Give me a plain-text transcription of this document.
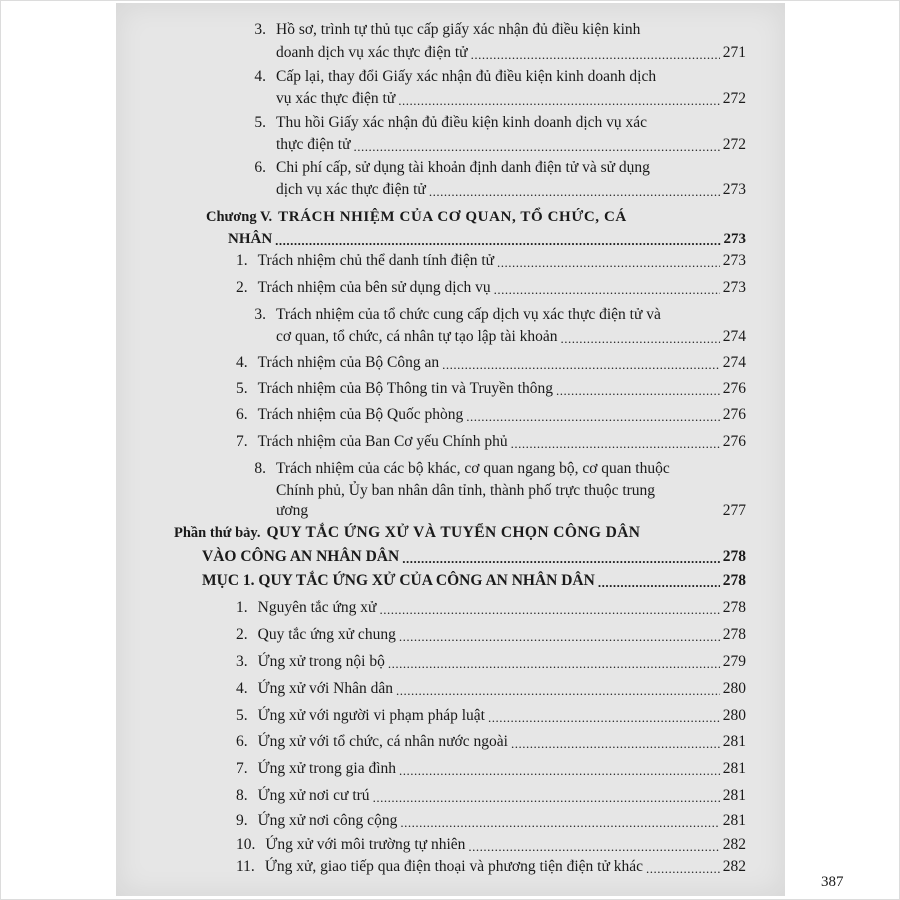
3. Hồ sơ, trình tự thủ tục cấp giấy xác nhận đủ điều kiện kinh
doanh dịch vụ xác thực điện tử .....	271
4. Cấp lại, thay đổi Giấy xác nhận đủ điều kiện kinh doanh dịch
vụ xác thực điện tử .....	272
5. Thu hồi Giấy xác nhận đủ điều kiện kinh doanh dịch vụ xác
thực điện tử .....	272
6. Chi phí cấp, sử dụng tài khoản định danh điện tử và sử dụng
dịch vụ xác thực điện tử .....	273
Chương V. TRÁCH NHIỆM CỦA CƠ QUAN, TỔ CHỨC, CÁ
NHÂN .....	273
1. Trách nhiệm chủ thể danh tính điện tử .....	273
2. Trách nhiệm của bên sử dụng dịch vụ .....	273
3. Trách nhiệm của tổ chức cung cấp dịch vụ xác thực điện tử và
cơ quan, tổ chức, cá nhân tự tạo lập tài khoản .....	274
4. Trách nhiệm của Bộ Công an .....	274
5. Trách nhiệm của Bộ Thông tin và Truyền thông .....	276
6. Trách nhiệm của Bộ Quốc phòng .....	276
7. Trách nhiệm của Ban Cơ yếu Chính phủ .....	276
8. Trách nhiệm của các bộ khác, cơ quan ngang bộ, cơ quan thuộc
Chính phủ, Ủy ban nhân dân tỉnh, thành phố trực thuộc trung
ương	277
Phần thứ bảy. QUY TẮC ỨNG XỬ VÀ TUYỂN CHỌN CÔNG DÂN
VÀO CÔNG AN NHÂN DÂN .....	278
MỤC 1. QUY TẮC ỨNG XỬ CỦA CÔNG AN NHÂN DÂN .....	278
1. Nguyên tắc ứng xử .....	278
2. Quy tắc ứng xử chung .....	278
3. Ứng xử trong nội bộ .....	279
4. Ứng xử với Nhân dân .....	280
5. Ứng xử với người vi phạm pháp luật .....	280
6. Ứng xử với tổ chức, cá nhân nước ngoài .....	281
7. Ứng xử trong gia đình .....	281
8. Ứng xử nơi cư trú .....	281
9. Ứng xử nơi công cộng .....	281
10. Ứng xử với môi trường tự nhiên .....	282
11. Ứng xử, giao tiếp qua điện thoại và phương tiện điện tử khác .....	282
387
